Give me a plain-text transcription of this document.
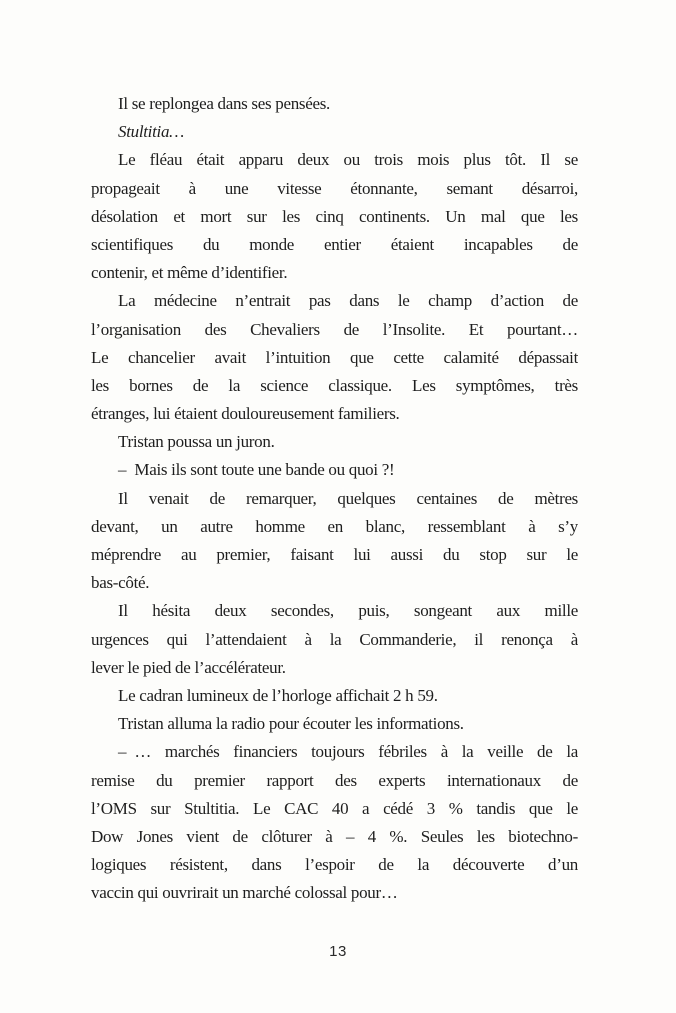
Il se replongea dans ses pensées.
Stultitia…
Le fléau était apparu deux ou trois mois plus tôt. Il se
propageait à une vitesse étonnante, semant désarroi,
désolation et mort sur les cinq continents. Un mal que les
scientifiques du monde entier étaient incapables de
contenir, et même d’identifier.
La médecine n’entrait pas dans le champ d’action de
l’organisation des Chevaliers de l’Insolite. Et pourtant…
Le chancelier avait l’intuition que cette calamité dépassait
les bornes de la science classique. Les symptômes, très
étranges, lui étaient douloureusement familiers.
Tristan poussa un juron.
– Mais ils sont toute une bande ou quoi ?!
Il venait de remarquer, quelques centaines de mètres
devant, un autre homme en blanc, ressemblant à s’y
méprendre au premier, faisant lui aussi du stop sur le
bas-côté.
Il hésita deux secondes, puis, songeant aux mille
urgences qui l’attendaient à la Commanderie, il renonça à
lever le pied de l’accélérateur.
Le cadran lumineux de l’horloge affichait 2 h 59.
Tristan alluma la radio pour écouter les informations.
– … marchés financiers toujours fébriles à la veille de la
remise du premier rapport des experts internationaux de
l’OMS sur Stultitia. Le CAC 40 a cédé 3 % tandis que le
Dow Jones vient de clôturer à – 4 %. Seules les biotechno-
logiques résistent, dans l’espoir de la découverte d’un
vaccin qui ouvrirait un marché colossal pour…
13
